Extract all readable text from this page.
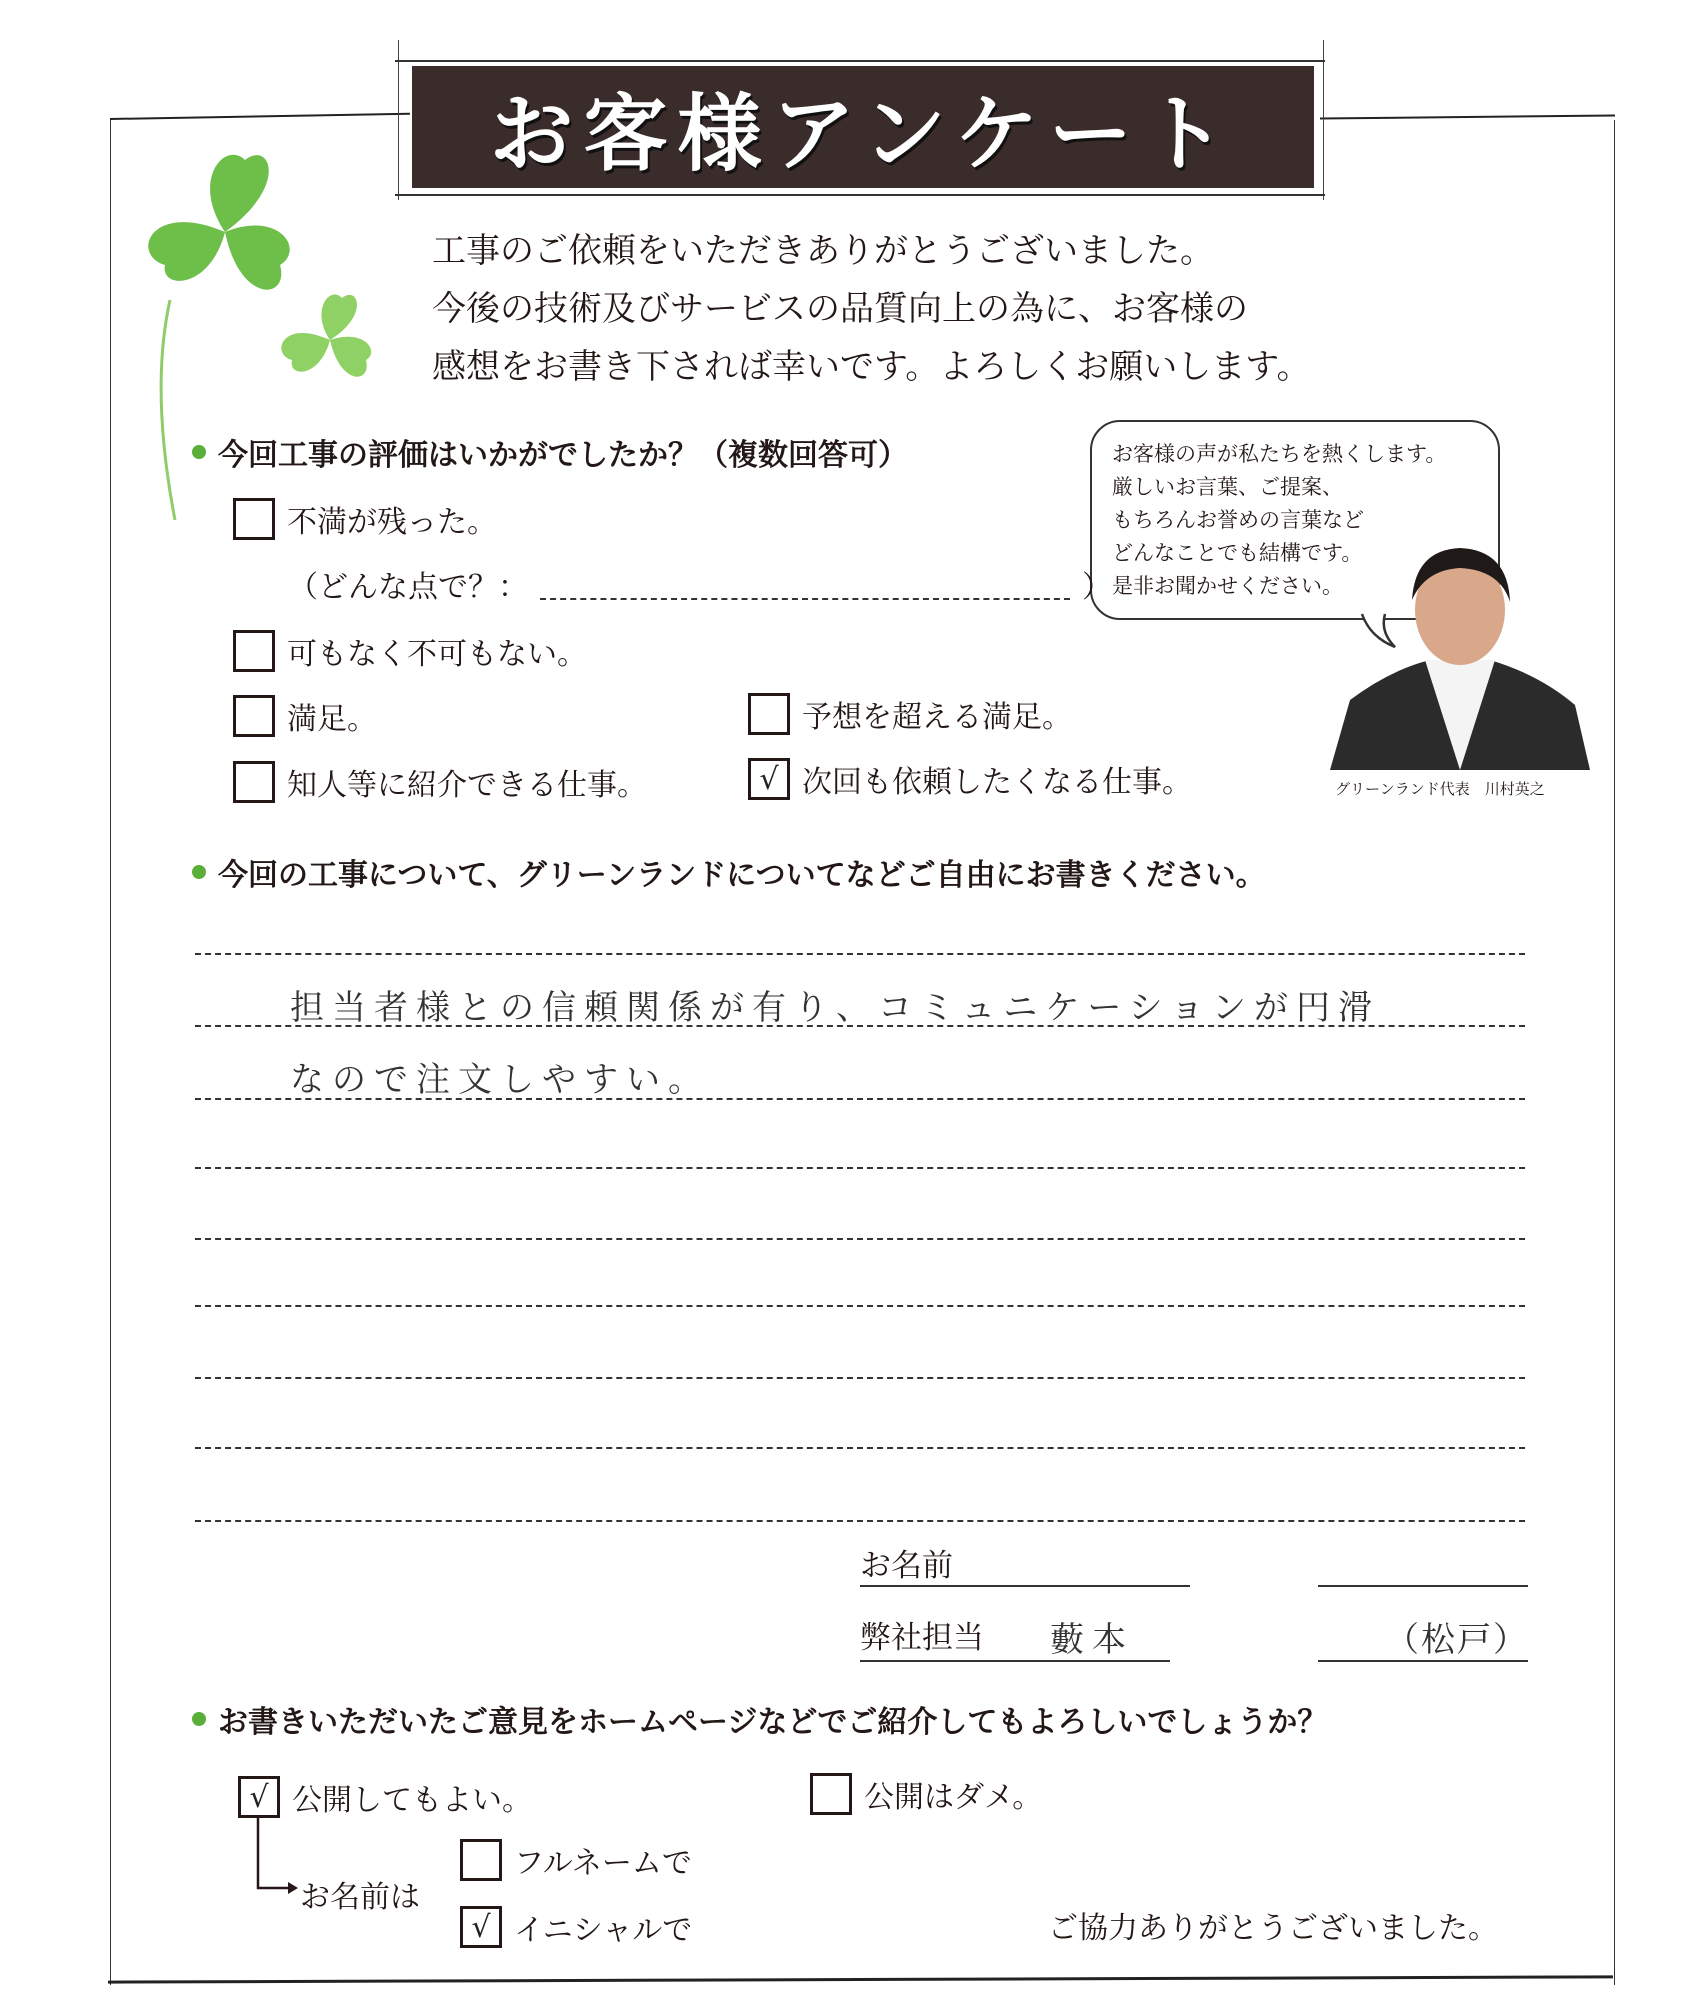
お客様アンケート
工事のご依頼をいただきありがとうございました。
今後の技術及びサービスの品質向上の為に、お客様の
感想をお書き下されば幸いです。よろしくお願いします。
お客様の声が私たちを熱くします。
厳しいお言葉、ご提案、
もちろんお誉めの言葉など
どんなことでも結構です。
是非お聞かせください。
グリーンランド代表　川村英之
今回工事の評価はいかがでしたか？（複数回答可）
不満が残った。
（どんな点で？：	）
可もなく不可もない。
満足。	予想を超える満足。
知人等に紹介できる仕事。	√ 次回も依頼したくなる仕事。
今回の工事について、グリーンランドについてなどご自由にお書きください。
担当者様との信頼関係が有り、コミュニケーションが円滑
なので注文しやすい。
お名前
弊社担当 藪本	（松戸）
お書きいただいたご意見をホームページなどでご紹介してもよろしいでしょうか？
√ 公開してもよい。	公開はダメ。
お名前は
フルネームで
√ イニシャルで	ご協力ありがとうございました。
